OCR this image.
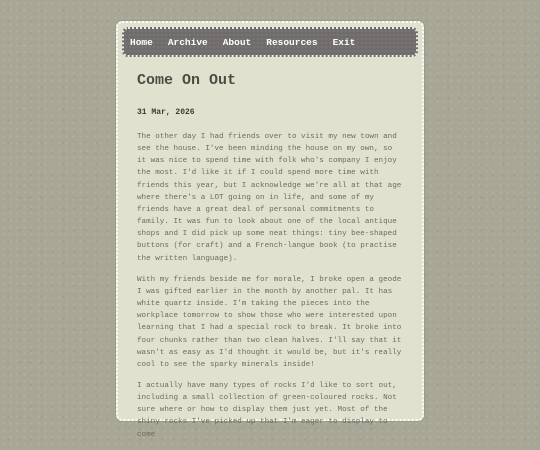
Home Archive About Resources Exit
Come On Out
31 Mar, 2026

The other day I had friends over to visit my new town and see the house. I've been minding the house on my own, so it was nice to spend time with folk who's company I enjoy the most. I'd like it if I could spend more time with friends this year, but I acknowledge we're all at that age where there's a LOT going on in life, and some of my friends have a great deal of personal commitments to family. It was fun to look about one of the local antique shops and I did pick up some neat things: tiny bee-shaped buttons (for craft) and a French-langue book (to practise the written language).

With my friends beside me for morale, I broke open a geode I was gifted earlier in the month by another pal. It has white quartz inside. I'm taking the pieces into the workplace tomorrow to show those who were interested upon learning that I had a special rock to break. It broke into four chunks rather than two clean halves. I'll say that it wasn't as easy as I'd thought it would be, but it's really cool to see the sparky minerals inside!

I actually have many types of rocks I'd like to sort out, including a small collection of green-coloured rocks. Not sure where or how to display them just yet. Most of the shiny rocks I've picked up that I'm eager to display to come
